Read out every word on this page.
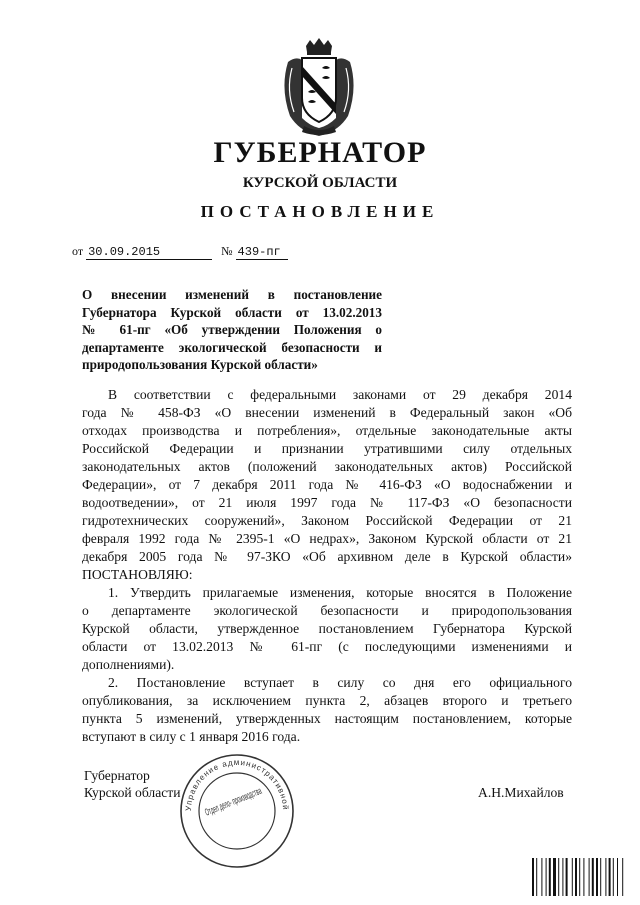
ГУБЕРНАТОР
КУРСКОЙ ОБЛАСТИ
ПОСТАНОВЛЕНИЕ
от 30.09.2015	№ 439-пг

О внесении изменений в постановление

Губернатора Курской области от 13.02.2013

№ 61-пг «Об утверждении Положения о

департаменте экологической безопасности и

природопользования Курской области»

В соответствии с федеральными законами от 29 декабря 2014
года № 458-ФЗ «О внесении изменений в Федеральный закон «Об
отходах производства и потребления», отдельные законодательные акты
Российской Федерации и признании утратившими силу отдельных
законодательных актов (положений законодательных актов) Российской
Федерации», от 7 декабря 2011 года № 416-ФЗ «О водоснабжении и
водоотведении», от 21 июля 1997 года № 117-ФЗ «О безопасности
гидротехнических сооружений», Законом Российской Федерации от 21
февраля 1992 года № 2395-1 «О недрах», Законом Курской области от 21
декабря 2005 года № 97-ЗКО «Об архивном деле в Курской области»
ПОСТАНОВЛЯЮ:
1. Утвердить прилагаемые изменения, которые вносятся в Положение
о департаменте экологической безопасности и природопользования
Курской области, утвержденное постановлением Губернатора Курской
области от 13.02.2013 № 61-пг (с последующими изменениями и
дополнениями).
2. Постановление вступает в силу со дня его официального
опубликования, за исключением пункта 2, абзацев второго и третьего
пункта 5 изменений, утвержденных настоящим постановлением, которые
вступают в силу с 1 января 2016 года.
Губернатор
Курской области
Управление административной
Отдел дело- производства	А.Н.Михайлов
